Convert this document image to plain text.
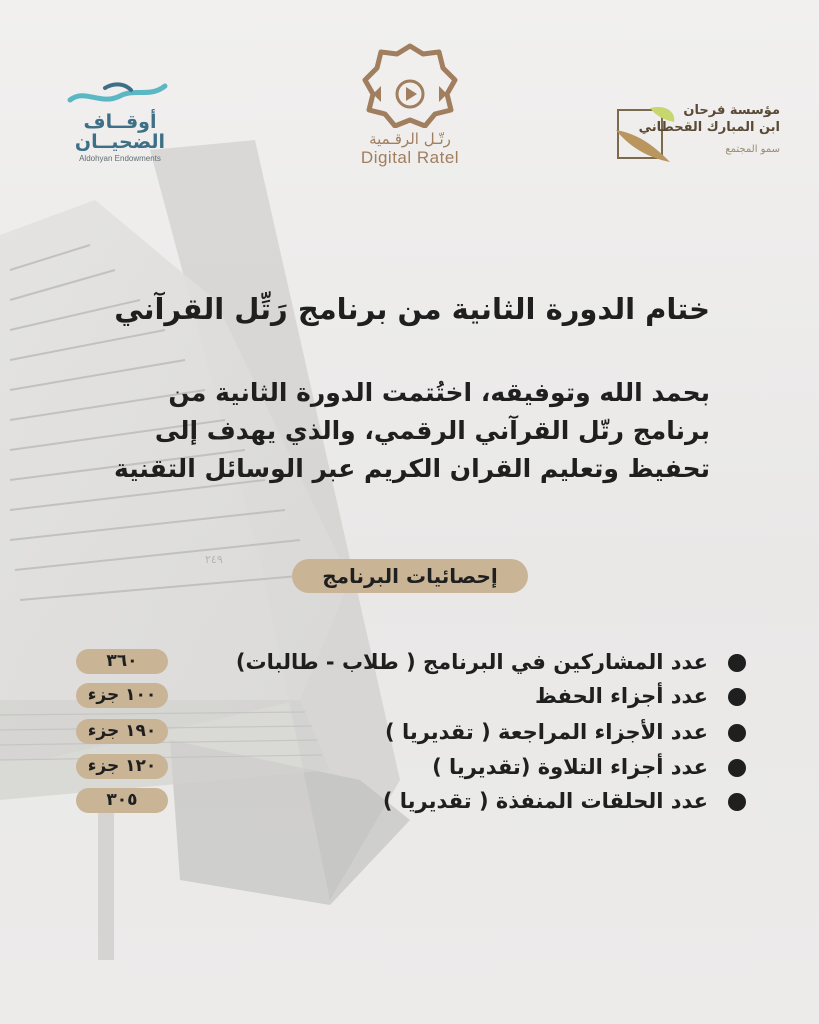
٢٤٩
أوقــاف الضحيــان
Aldohyan Endowments
رتّـل الرقـمية
Digital Ratel
مؤسسة فرحان
ابن المبارك القحطاني
سمو المجتمع
ختام الدورة الثانية من برنامج رَتِّل القرآني
بحمد الله وتوفيقه، اختُتمت الدورة الثانية من
برنامج رتّل القرآني الرقمي، والذي يهدف إلى
تحفيظ وتعليم القران الكريم عبر الوسائل التقنية
إحصائيات البرنامج
٣٦٠	عدد المشاركين في البرنامج ( طلاب - طالبات)
١٠٠ جزء	عدد أجزاء الحفظ
١٩٠ جزء	عدد الأجزاء المراجعة ( تقديريا )
١٢٠ جزء	عدد أجزاء التلاوة (تقديريا )
٣٠٥	عدد الحلقات المنفذة ( تقديريا )
